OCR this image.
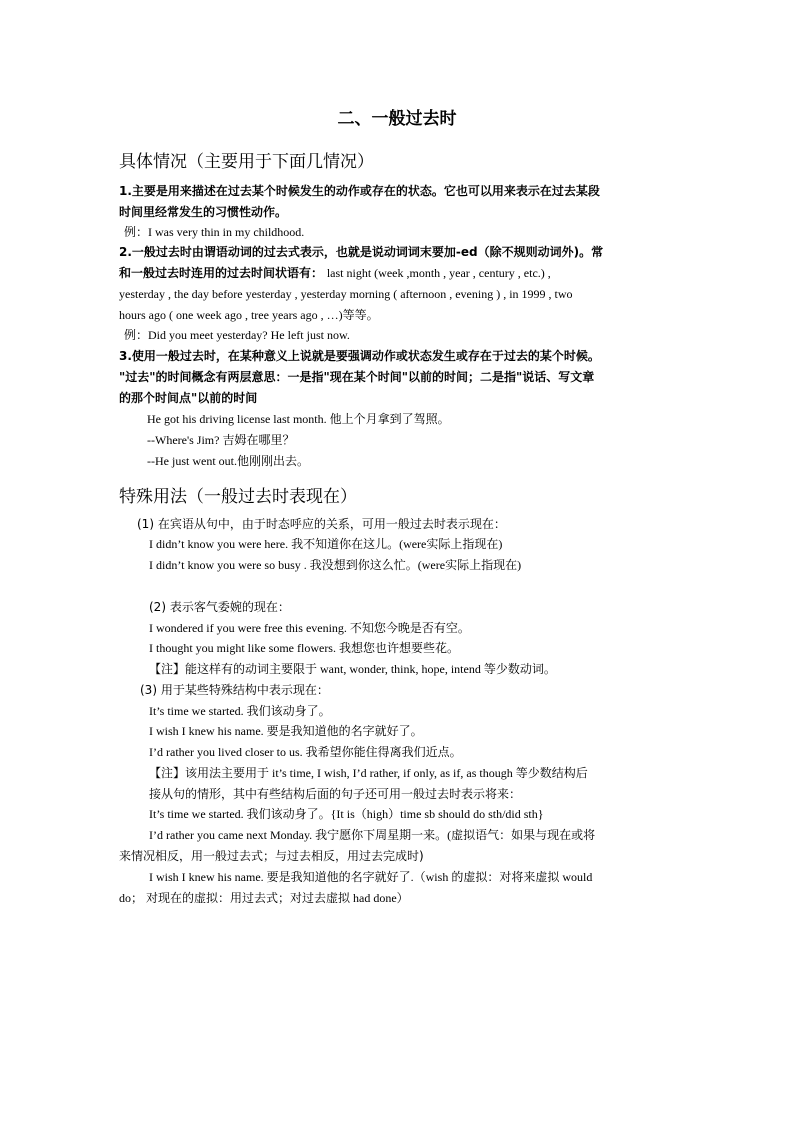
二、一般过去时
具体情况（主要用于下面几情况）
1.主要是用来描述在过去某个时候发生的动作或存在的状态。它也可以用来表示在过去某段
时间里经常发生的习惯性动作。
例：I was very thin in my childhood.
2.一般过去时由谓语动词的过去式表示，也就是说动词词末要加-ed（除不规则动词外)。常
和一般过去时连用的过去时间状语有： last night (week ,month , year , century , etc.) ,
yesterday , the day before yesterday , yesterday morning ( afternoon , evening ) , in 1999 , two
hours ago ( one week ago , tree years ago , …)等等。
例：Did you meet yesterday? He left just now.
3.使用一般过去时，在某种意义上说就是要强调动作或状态发生或存在于过去的某个时候。
"过去"的时间概念有两层意思：一是指"现在某个时间"以前的时间；二是指"说话、写文章
的那个时间点"以前的时间
He got his driving license last month. 他上个月拿到了驾照。
--Where's Jim? 吉姆在哪里？
--He just went out.他刚刚出去。
特殊用法（一般过去时表现在）
(1) 在宾语从句中，由于时态呼应的关系，可用一般过去时表示现在：
I didn’t know you were here. 我不知道你在这儿。(were实际上指现在)
I didn’t know you were so busy . 我没想到你这么忙。(were实际上指现在)
(2) 表示客气委婉的现在：
I wondered if you were free this evening. 不知您今晚是否有空。
I thought you might like some flowers. 我想您也许想要些花。
【注】能这样有的动词主要限于 want, wonder, think, hope, intend 等少数动词。
(3) 用于某些特殊结构中表示现在：
It’s time we started. 我们该动身了。
I wish I knew his name. 要是我知道他的名字就好了。
I’d rather you lived closer to us. 我希望你能住得离我们近点。
【注】该用法主要用于 it’s time, I wish, I’d rather, if only, as if, as though 等少数结构后
接从句的情形，其中有些结构后面的句子还可用一般过去时表示将来：
It’s time we started. 我们该动身了。{It is（high）time sb should do sth/did sth}
I’d rather you came next Monday. 我宁愿你下周星期一来。(虚拟语气：如果与现在或将
来情况相反，用一般过去式；与过去相反，用过去完成时)
I wish I knew his name. 要是我知道他的名字就好了.（wish 的虚拟：对将来虚拟 would
do； 对现在的虚拟：用过去式；对过去虚拟 had done）
